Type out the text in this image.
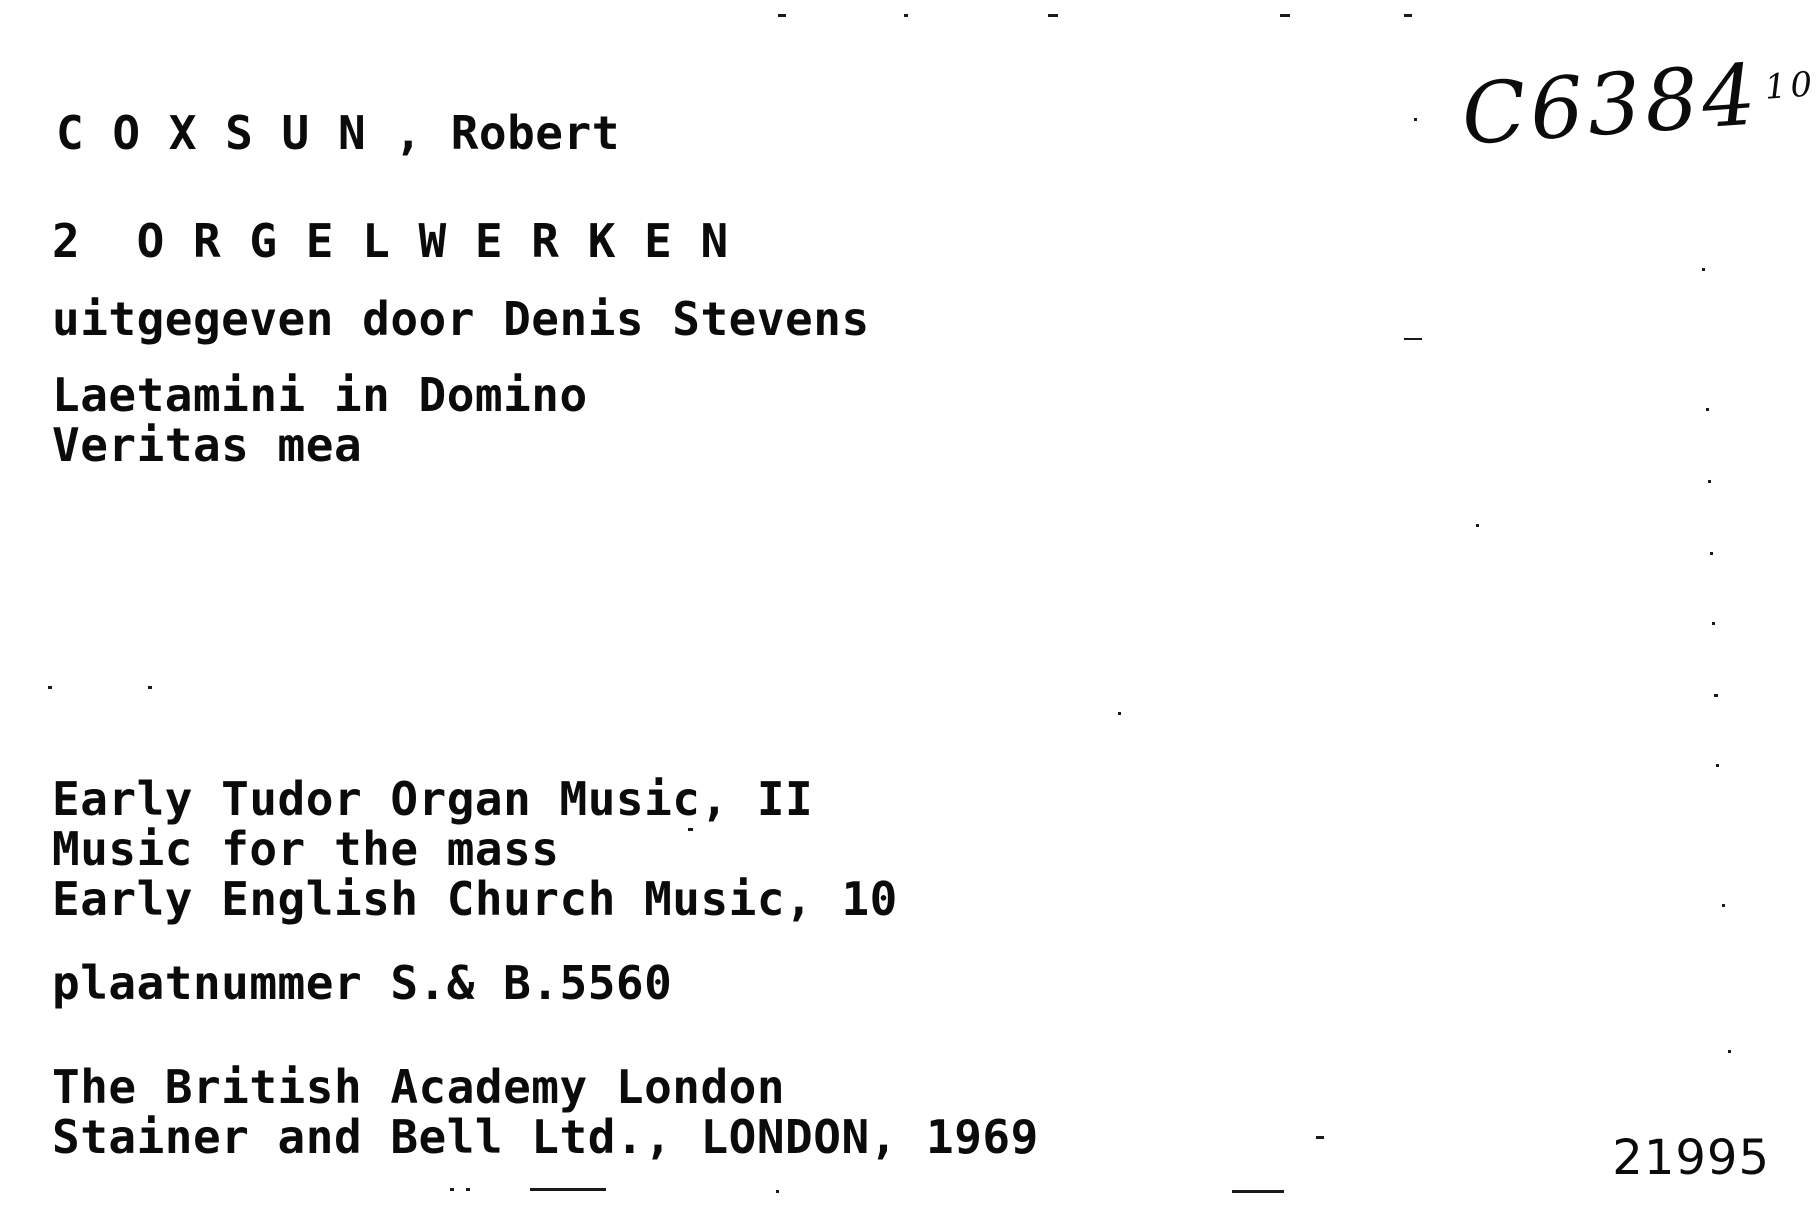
C O X S U N , Robert	C6384$^{10}$
2  O R G E L W E R K E N
uitgegeven door Denis Stevens
Laetamini in Domino
Veritas mea
Early Tudor Organ Music, II
Music for the mass
Early English Church Music, 10
plaatnummer S.& B.5560
The British Academy London
Stainer and Bell Ltd., LONDON, 1969	21995
